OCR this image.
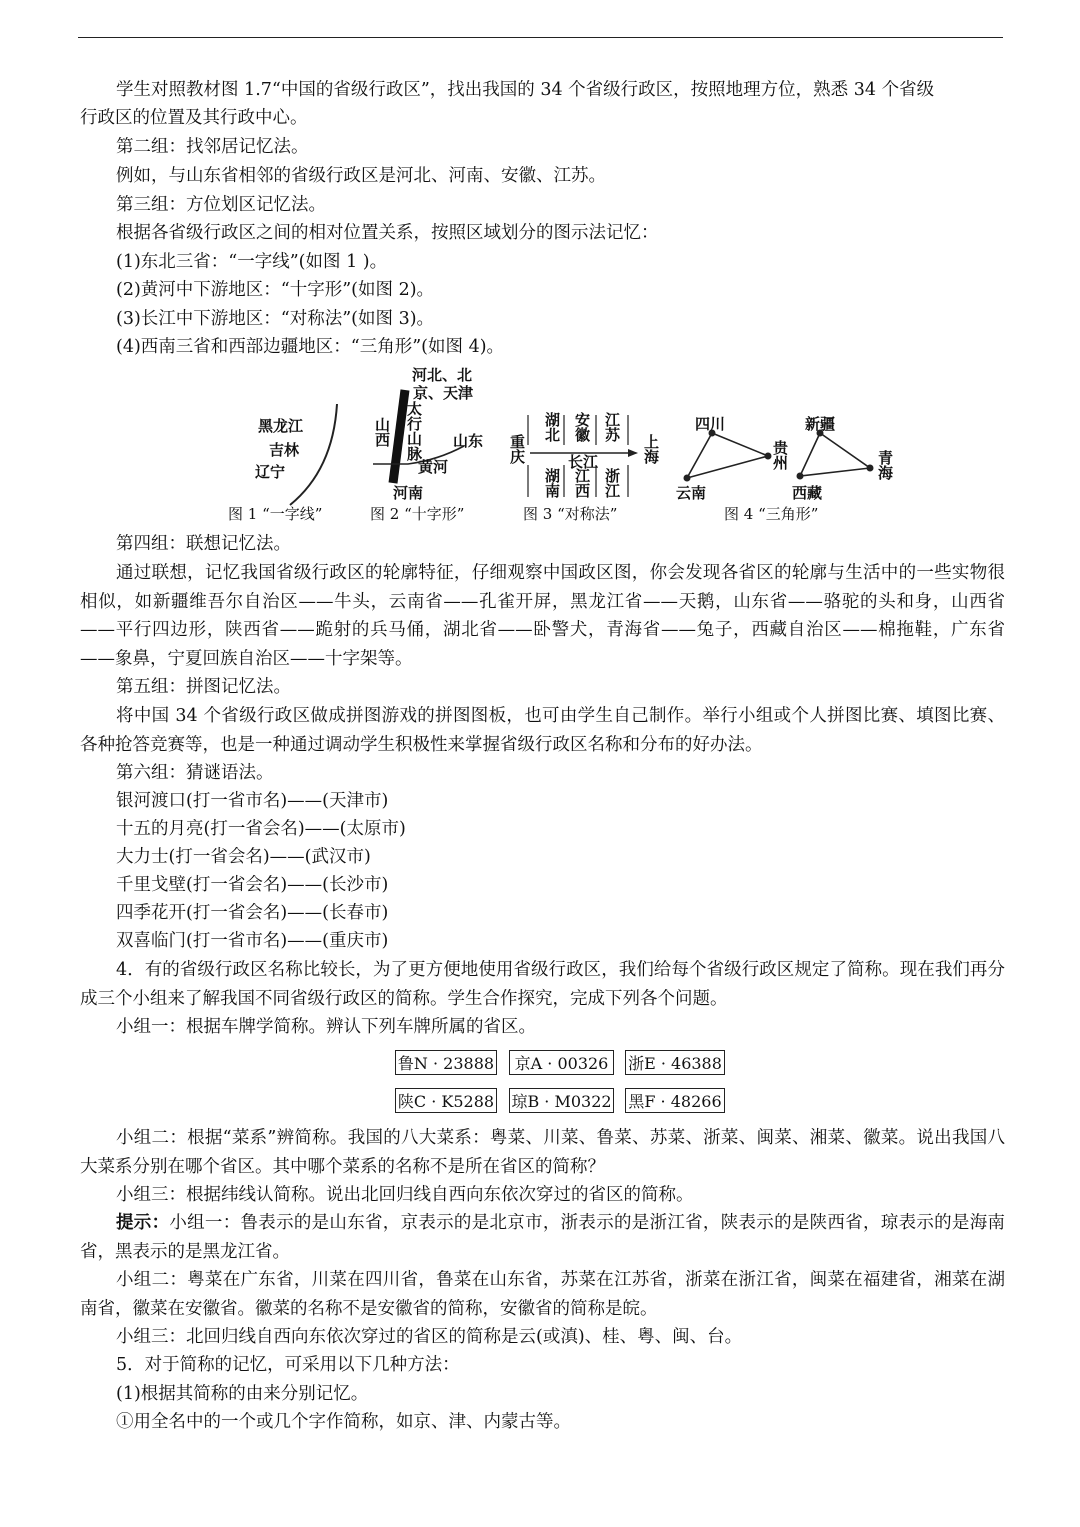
学生对照教材图 1.7“中国的省级行政区”，找出我国的 34 个省级行政区，按照地理方位，熟悉 34 个省级

行政区的位置及其行政中心。

第二组：找邻居记忆法。

例如，与山东省相邻的省级行政区是河北、河南、安徽、江苏。

第三组：方位划区记忆法。

根据各省级行政区之间的相对位置关系，按照区域划分的图示法记忆：

(1)东北三省：“一字线”(如图 1 )。

(2)黄河中下游地区：“十字形”(如图 2)。

(3)长江中下游地区：“对称法”(如图 3)。

(4)西南三省和西部边疆地区：“三角形”(如图 4)。

黑龙江
吉林
辽宁
图 1 “一字线”
河北、北
京、天津
太行山脉
山西	山东
黄河
河南
图 2 “十字形”
湖北 安徽 江苏
重庆	长江	上海
湖南 江西 浙江
图 3 “对称法”
四川
贵州
云南
新疆
青海
西藏
图 4 “三角形”

第四组：联想记忆法。

通过联想，记忆我国省级行政区的轮廓特征，仔细观察中国政区图，你会发现各省区的轮廓与生活中的一些实物很相似，如新疆维吾尔自治区——牛头，云南省——孔雀开屏，黑龙江省——天鹅，山东省——骆驼的头和身，山西省——平行四边形，陕西省——跪射的兵马俑，湖北省——卧警犬，青海省——兔子，西藏自治区——棉拖鞋，广东省——象鼻，宁夏回族自治区——十字架等。

第五组：拼图记忆法。

将中国 34 个省级行政区做成拼图游戏的拼图图板，也可由学生自己制作。举行小组或个人拼图比赛、填图比赛、各种抢答竞赛等，也是一种通过调动学生积极性来掌握省级行政区名称和分布的好办法。

第六组：猜谜语法。

银河渡口(打一省市名)——(天津市)

十五的月亮(打一省会名)——(太原市)

大力士(打一省会名)——(武汉市)

千里戈壁(打一省会名)——(长沙市)

四季花开(打一省会名)——(长春市)

双喜临门(打一省市名)——(重庆市)

4．有的省级行政区名称比较长，为了更方便地使用省级行政区，我们给每个省级行政区规定了简称。现在我们再分成三个小组来了解我国不同省级行政区的简称。学生合作探究，完成下列各个问题。

小组一：根据车牌学简称。辨认下列车牌所属的省区。

鲁N · 23888	京A · 00326	浙E · 46388
陕C · K5288 琼B · M0322 黑F · 48266

小组二：根据“菜系”辨简称。我国的八大菜系：粤菜、川菜、鲁菜、苏菜、浙菜、闽菜、湘菜、徽菜。说出我国八大菜系分别在哪个省区。其中哪个菜系的名称不是所在省区的简称？

小组三：根据纬线认简称。说出北回归线自西向东依次穿过的省区的简称。

提示：小组一：鲁表示的是山东省，京表示的是北京市，浙表示的是浙江省，陕表示的是陕西省，琼表示的是海南省，黑表示的是黑龙江省。

小组二：粤菜在广东省，川菜在四川省，鲁菜在山东省，苏菜在江苏省，浙菜在浙江省，闽菜在福建省，湘菜在湖南省，徽菜在安徽省。徽菜的名称不是安徽省的简称，安徽省的简称是皖。

小组三：北回归线自西向东依次穿过的省区的简称是云(或滇)、桂、粤、闽、台。

5．对于简称的记忆，可采用以下几种方法：

(1)根据其简称的由来分别记忆。

①用全名中的一个或几个字作简称，如京、津、内蒙古等。
